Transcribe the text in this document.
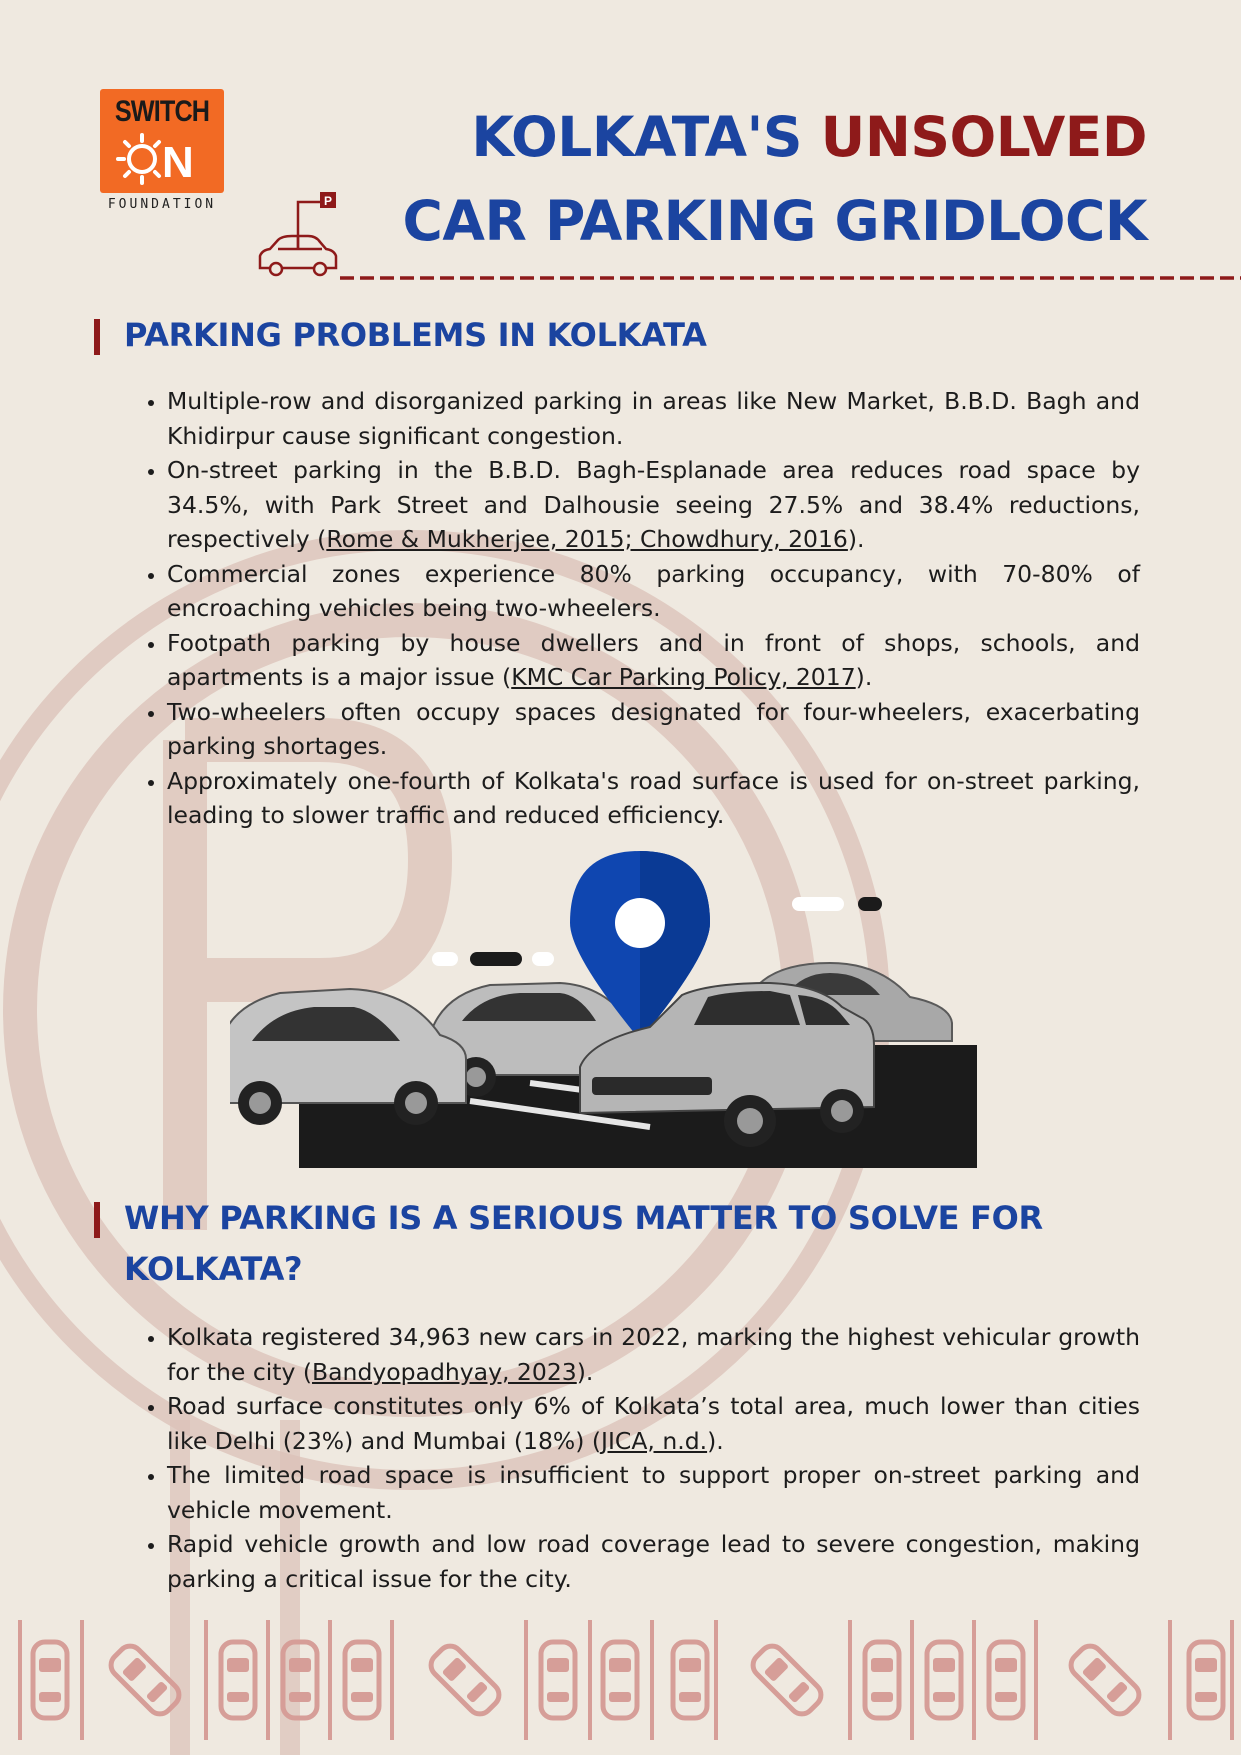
SWITCH
N
FOUNDATION
KOLKATA'S UNSOLVED
CAR PARKING GRIDLOCK
P
PARKING PROBLEMS IN KOLKATA
• Multiple-row and disorganized parking in areas like New Market, B.B.D. Bagh and Khidirpur cause significant congestion.
• On-street parking in the B.B.D. Bagh-Esplanade area reduces road space by 34.5%, with Park Street and Dalhousie seeing 27.5% and 38.4% reductions, respectively (Rome & Mukherjee, 2015; Chowdhury, 2016).
• Commercial zones experience 80% parking occupancy, with 70-80% of encroaching vehicles being two-wheelers.
• Footpath parking by house dwellers and in front of shops, schools, and apartments is a major issue (KMC Car Parking Policy, 2017).
• Two-wheelers often occupy spaces designated for four-wheelers, exacerbating parking shortages.
• Approximately one-fourth of Kolkata's road surface is used for on-street parking, leading to slower traffic and reduced efficiency.
WHY PARKING IS A SERIOUS MATTER TO SOLVE FOR
KOLKATA?
• Kolkata registered 34,963 new cars in 2022, marking the highest vehicular growth for the city (Bandyopadhyay, 2023).
• Road surface constitutes only 6% of Kolkata’s total area, much lower than cities like Delhi (23%) and Mumbai (18%) (JICA, n.d.).
• The limited road space is insufficient to support proper on-street parking and vehicle movement.
• Rapid vehicle growth and low road coverage lead to severe congestion, making parking a critical issue for the city.
